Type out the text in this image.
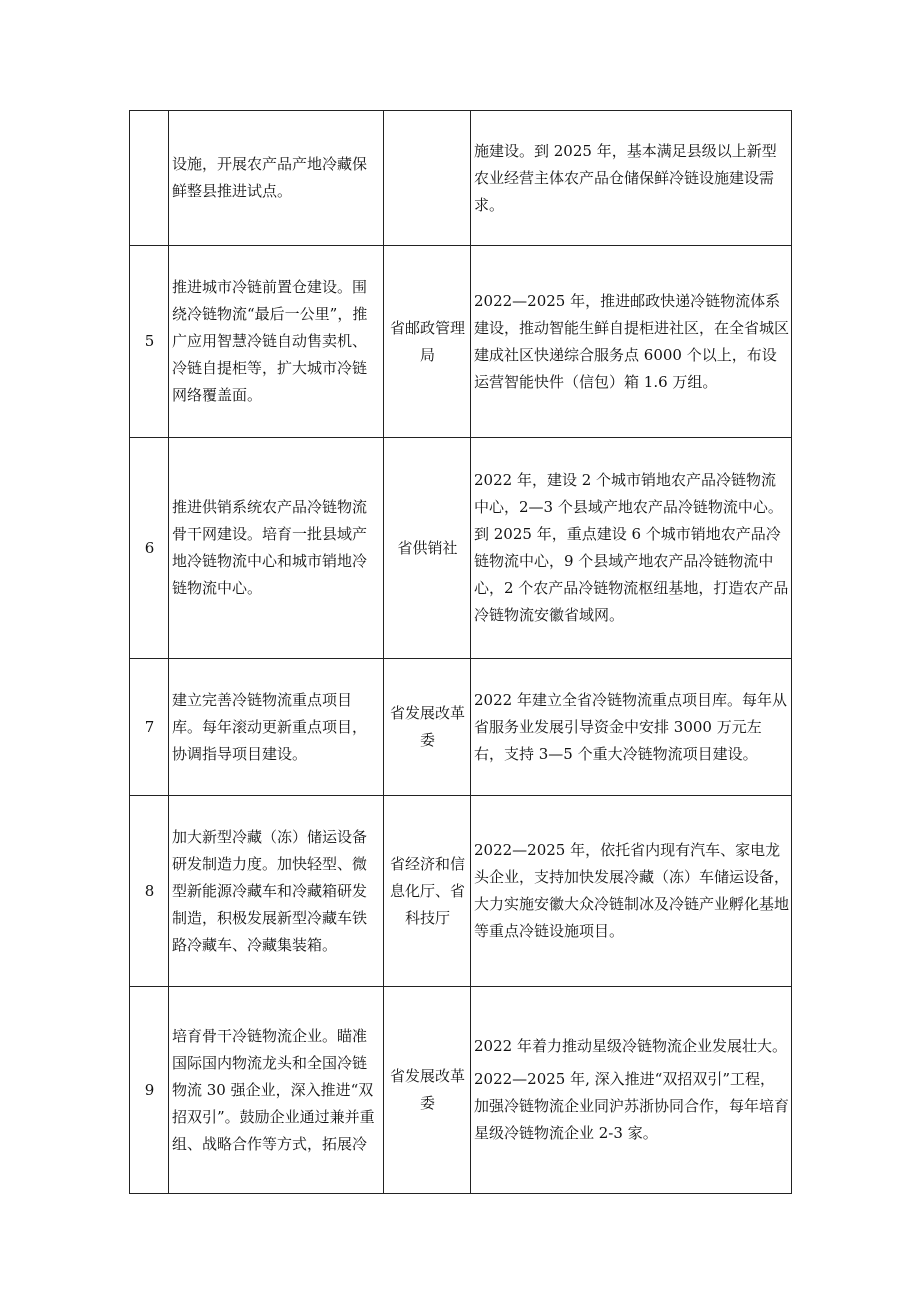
	设施，开展农产品产地冷藏保鲜整县推进试点。		施建设。到 2025 年，基本满足县级以上新型农业经营主体农产品仓储保鲜冷链设施建设需求。

5	推进城市冷链前置仓建设。围绕冷链物流“最后一公里”，推广应用智慧冷链自动售卖机、冷链自提柜等，扩大城市冷链网络覆盖面。	省邮政管理局	2022—2025 年，推进邮政快递冷链物流体系建设，推动智能生鲜自提柜进社区，在全省城区建成社区快递综合服务点 6000 个以上，布设运营智能快件（信包）箱 1.6 万组。

6	推进供销系统农产品冷链物流骨干网建设。培育一批县域产地冷链物流中心和城市销地冷链物流中心。	省供销社	2022 年，建设 2 个城市销地农产品冷链物流中心，2—3 个县域产地农产品冷链物流中心。到 2025 年，重点建设 6 个城市销地农产品冷链物流中心，9 个县域产地农产品冷链物流中心，2 个农产品冷链物流枢纽基地，打造农产品冷链物流安徽省域网。

7	建立完善冷链物流重点项目库。每年滚动更新重点项目，协调指导项目建设。	省发展改革委	2022 年建立全省冷链物流重点项目库。每年从省服务业发展引导资金中安排 3000 万元左右，支持 3—5 个重大冷链物流项目建设。

8	加大新型冷藏（冻）储运设备研发制造力度。加快轻型、微型新能源冷藏车和冷藏箱研发制造，积极发展新型冷藏车铁路冷藏车、冷藏集装箱。	省经济和信息化厅、省科技厅	2022—2025 年，依托省内现有汽车、家电龙头企业，支持加快发展冷藏（冻）车储运设备，大力实施安徽大众冷链制冰及冷链产业孵化基地等重点冷链设施项目。

9	培育骨干冷链物流企业。瞄准国际国内物流龙头和全国冷链物流 30 强企业，深入推进“双招双引”。鼓励企业通过兼并重组、战略合作等方式，拓展冷	省发展改革委	2022 年着力推动星级冷链物流企业发展壮大。
2022—2025 年, 深入推进“双招双引”工程，加强冷链物流企业同沪苏浙协同合作，每年培育星级冷链物流企业 2-3 家。
